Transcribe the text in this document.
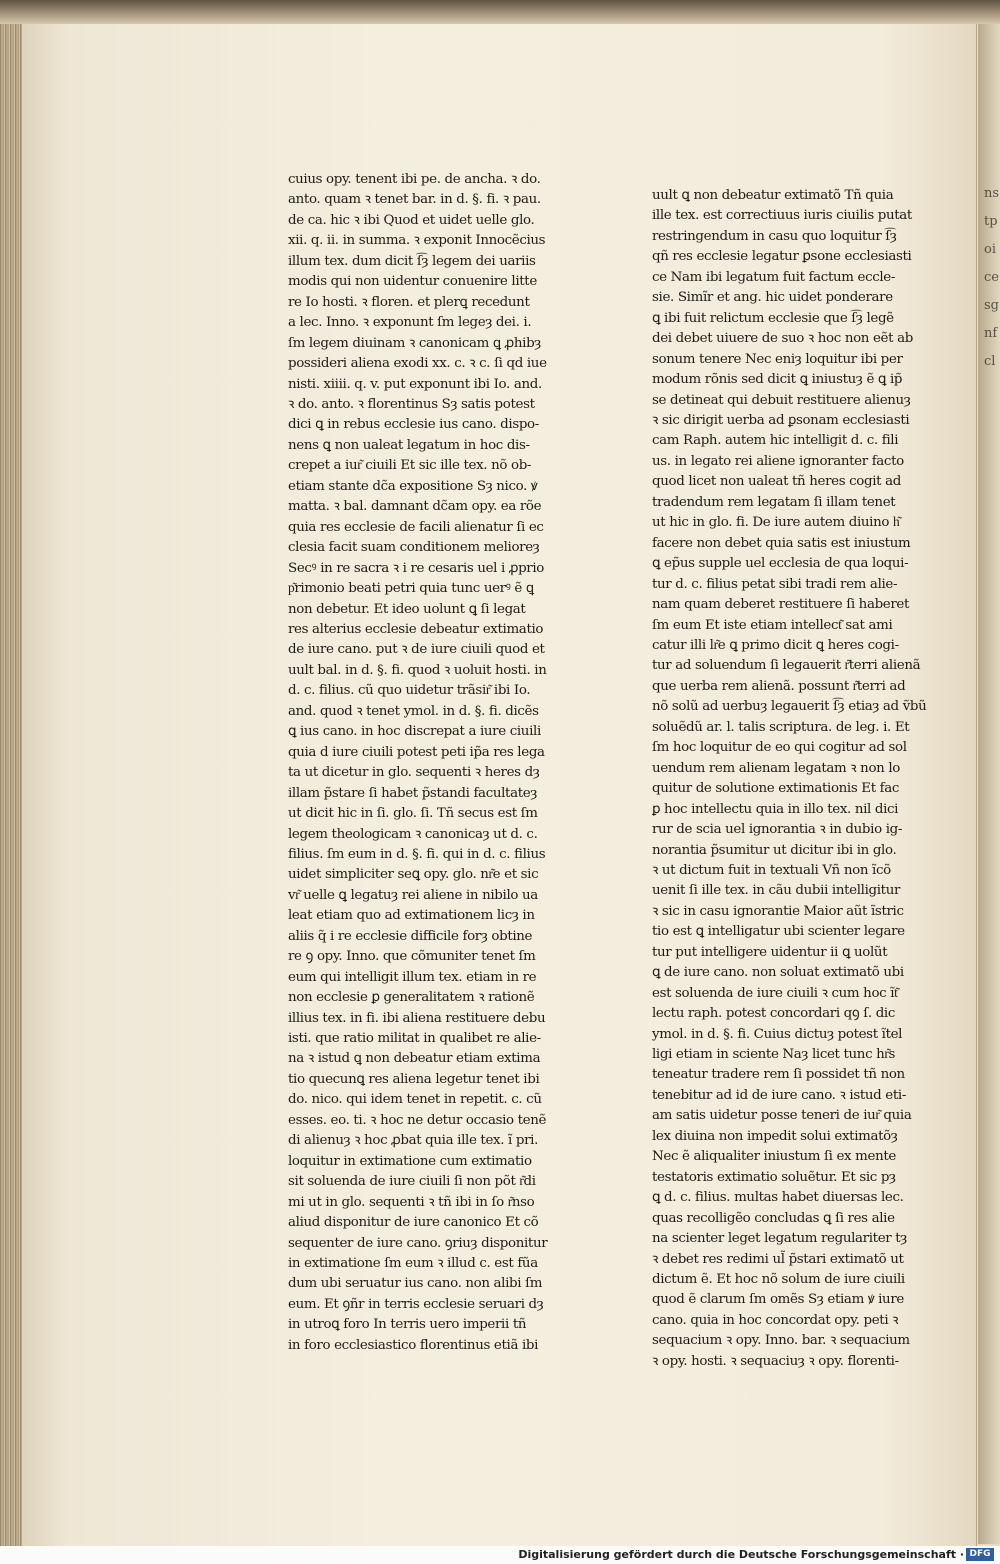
nstpoicesgnfcl
cuius opy. tenent ibi pe. de ancha. ꝛ do.
anto. quam ꝛ tenet bar. in d. §. fi. ꝛ pau.
de ca. hic ꝛ ibi Quod et uidet uelle glo.
xii. q. ii. in summa. ꝛ exponit Innocẽcius
illum tex. dum dicit ſ͡ȝ legem dei uariis
modis qui non uidentur conuenire litte
re Io hosti. ꝛ floren. et plerꝗ recedunt
a lec. Inno. ꝛ exponunt ſm legeȝ dei. i.
ſm legem diuinam ꝛ canonicam ꝗ ꝓhibȝ
possideri aliena exodi xx. c. ꝛ c. ſi qd iue
nisti. xiiii. q. v. put exponunt ibi Io. and.
ꝛ do. anto. ꝛ florentinus Sȝ satis potest
dici ꝗ in rebus ecclesie ius cano. dispo-
nens ꝗ non ualeat legatum in hoc dis-
crepet a iur͂ ciuili Et sic ille tex. nõ ob-
etiam stante dc̃a expositione Sȝ nico. ꝟ
matta. ꝛ bal. damnant dc̃am opy. ea rõe
quia res ecclesie de facili alienatur ſi ec
clesia facit suam conditionem melioreȝ
Secꝰ in re sacra ꝛ i re cesaris uel i ꝓprio
p͂rimonio beati petri quia tunc uerꝰ ẽ ꝗ
non debetur. Et ideo uolunt ꝗ ſi legat
res alterius ecclesie debeatur extimatio
de iure cano. put ꝛ de iure ciuili quod et
uult bal. in d. §. fi. quod ꝛ uoluit hosti. in
d. c. filius. cũ quo uidetur trãsir͂ ibi Io.
and. quod ꝛ tenet ymol. in d. §. fi. dicẽs
ꝗ ius cano. in hoc discrepat a iure ciuili
quia d iure ciuili potest peti ip̃a res lega
ta ut dicetur in glo. sequenti ꝛ heres dȝ
illam p̃stare ſi habet p̃standi facultateȝ
ut dicit hic in ſi. glo. ſi. Tñ secus est ſm
legem theologicam ꝛ canonicaȝ ut d. c.
filius. ſm eum in d. §. fi. qui in d. c. filius
uidet simpliciter seꝗ opy. glo. nr͂e et sic
vr͂ uelle ꝗ legatuȝ rei aliene in nibilo ua
leat etiam quo ad extimationem licȝ in
aliis q̃ i re ecclesie difficile forȝ obtine
re ꝯ opy. Inno. que cõmuniter tenet ſm
eum qui intelligit illum tex. etiam in re
non ecclesie ꝑ generalitatem ꝛ rationẽ
illius tex. in fi. ibi aliena restituere debu
isti. que ratio militat in qualibet re alie-
na ꝛ istud ꝗ non debeatur etiam extima
tio quecunꝗ res aliena legetur tenet ibi
do. nico. qui idem tenet in repetit. c. cũ
esses. eo. ti. ꝛ hoc ne detur occasio tenẽ
di alienuȝ ꝛ hoc ꝓbat quia ille tex. ĩ pri.
loquitur in extimatione cum extimatio
sit soluenda de iure ciuili ſi non põt r͂di
mi ut in glo. sequenti ꝛ tñ ibi in ſo r͂nso
aliud disponitur de iure canonico Et cõ
sequenter de iure cano. ꝯriuȝ disponitur
in extimatione ſm eum ꝛ illud c. est fũa
dum ubi seruatur ius cano. non alibi ſm
eum. Et ꝯñr in terris ecclesie seruari dȝ
in utroꝗ foro In terris uero imperii tñ
in foro ecclesiastico florentinus etiã ibi
uult ꝗ non debeatur extimatõ Tñ quia
ille tex. est correctiuus iuris ciuilis putat
restringendum in casu quo loquitur ſ͡ȝ
qñ res ecclesie legatur ꝑsone ecclesiasti
ce Nam ibi legatum fuit factum eccle-
sie. Simĩr et ang. hic uidet ponderare
ꝗ ibi fuit relictum ecclesie que ſ͡ȝ legẽ
dei debet uiuere de suo ꝛ hoc non eẽt ab
sonum tenere Nec eniȝ loquitur ibi per
modum rõnis sed dicit ꝗ iniustuȝ ẽ ꝗ ip̃
se detineat qui debuit restituere alienuȝ
ꝛ sic dirigit uerba ad ꝑsonam ecclesiasti
cam Raph. autem hic intelligit d. c. fili
us. in legato rei aliene ignoranter facto
quod licet non ualeat tñ heres cogit ad
tradendum rem legatam ſi illam tenet
ut hic in glo. fi. De iure autem diuino h͂
facere non debet quia satis est iniustum
ꝗ ep̃us supple uel ecclesia de qua loqui-
tur d. c. filius petat sibi tradi rem alie-
nam quam deberet restituere ſi haberet
ſm eum Et iste etiam intellect͂ sat ami
catur illi lr͂e ꝗ primo dicit ꝗ heres cogi-
tur ad soluendum ſi legauerit r͂terri alienã
que uerba rem alienã. possunt r͂terri ad
nõ solũ ad uerbuȝ legauerit ſ͡ȝ etiaȝ ad ṽbũ
soluẽdũ ar. l. talis scriptura. de leg. i. Et
ſm hoc loquitur de eo qui cogitur ad sol
uendum rem alienam legatam ꝛ non lo
quitur de solutione extimationis Et fac
ꝑ hoc intellectu quia in illo tex. nil dici
rur de scia uel ignorantia ꝛ in dubio ig-
norantia p̃sumitur ut dicitur ibi in glo.
ꝛ ut dictum fuit in textuali Vñ non ĩcõ
uenit ſi ille tex. in cãu dubii intelligitur
ꝛ sic in casu ignorantie Maior aũt ĩstric
tio est ꝗ intelligatur ubi scienter legare
tur put intelligere uidentur ii ꝗ uolũt
ꝗ de iure cano. non soluat extimatõ ubi
est soluenda de iure ciuili ꝛ cum hoc ĩt͂
lectu raph. potest concordari qꝯ ſ. dic
ymol. in d. §. fi. Cuius dictuȝ potest ĩtel
ligi etiam in sciente Naȝ licet tunc hr͂s
teneatur tradere rem ſi possidet tñ non
tenebitur ad id de iure cano. ꝛ istud eti-
am satis uidetur posse teneri de iur͂ quia
lex diuina non impedit solui extimatõȝ
Nec ẽ aliqualiter iniustum ſi ex mente
testatoris extimatio soluẽtur. Et sic pȝ
ꝗ d. c. filius. multas habet diuersas lec.
quas recolligẽo concludas ꝗ ſi res alie
na scienter leget legatum regulariter tȝ
ꝛ debet res redimi ul̃ p̃stari extimatõ ut
dictum ẽ. Et hoc nõ solum de iure ciuili
quod ẽ clarum ſm omẽs Sȝ etiam ꝟ iure
cano. quia in hoc concordat opy. peti ꝛ
sequacium ꝛ opy. Inno. bar. ꝛ sequacium
ꝛ opy. hosti. ꝛ sequaciuȝ ꝛ opy. florenti-
Digitalisierung gefördert durch die Deutsche Forschungsgemeinschaft · DFG
